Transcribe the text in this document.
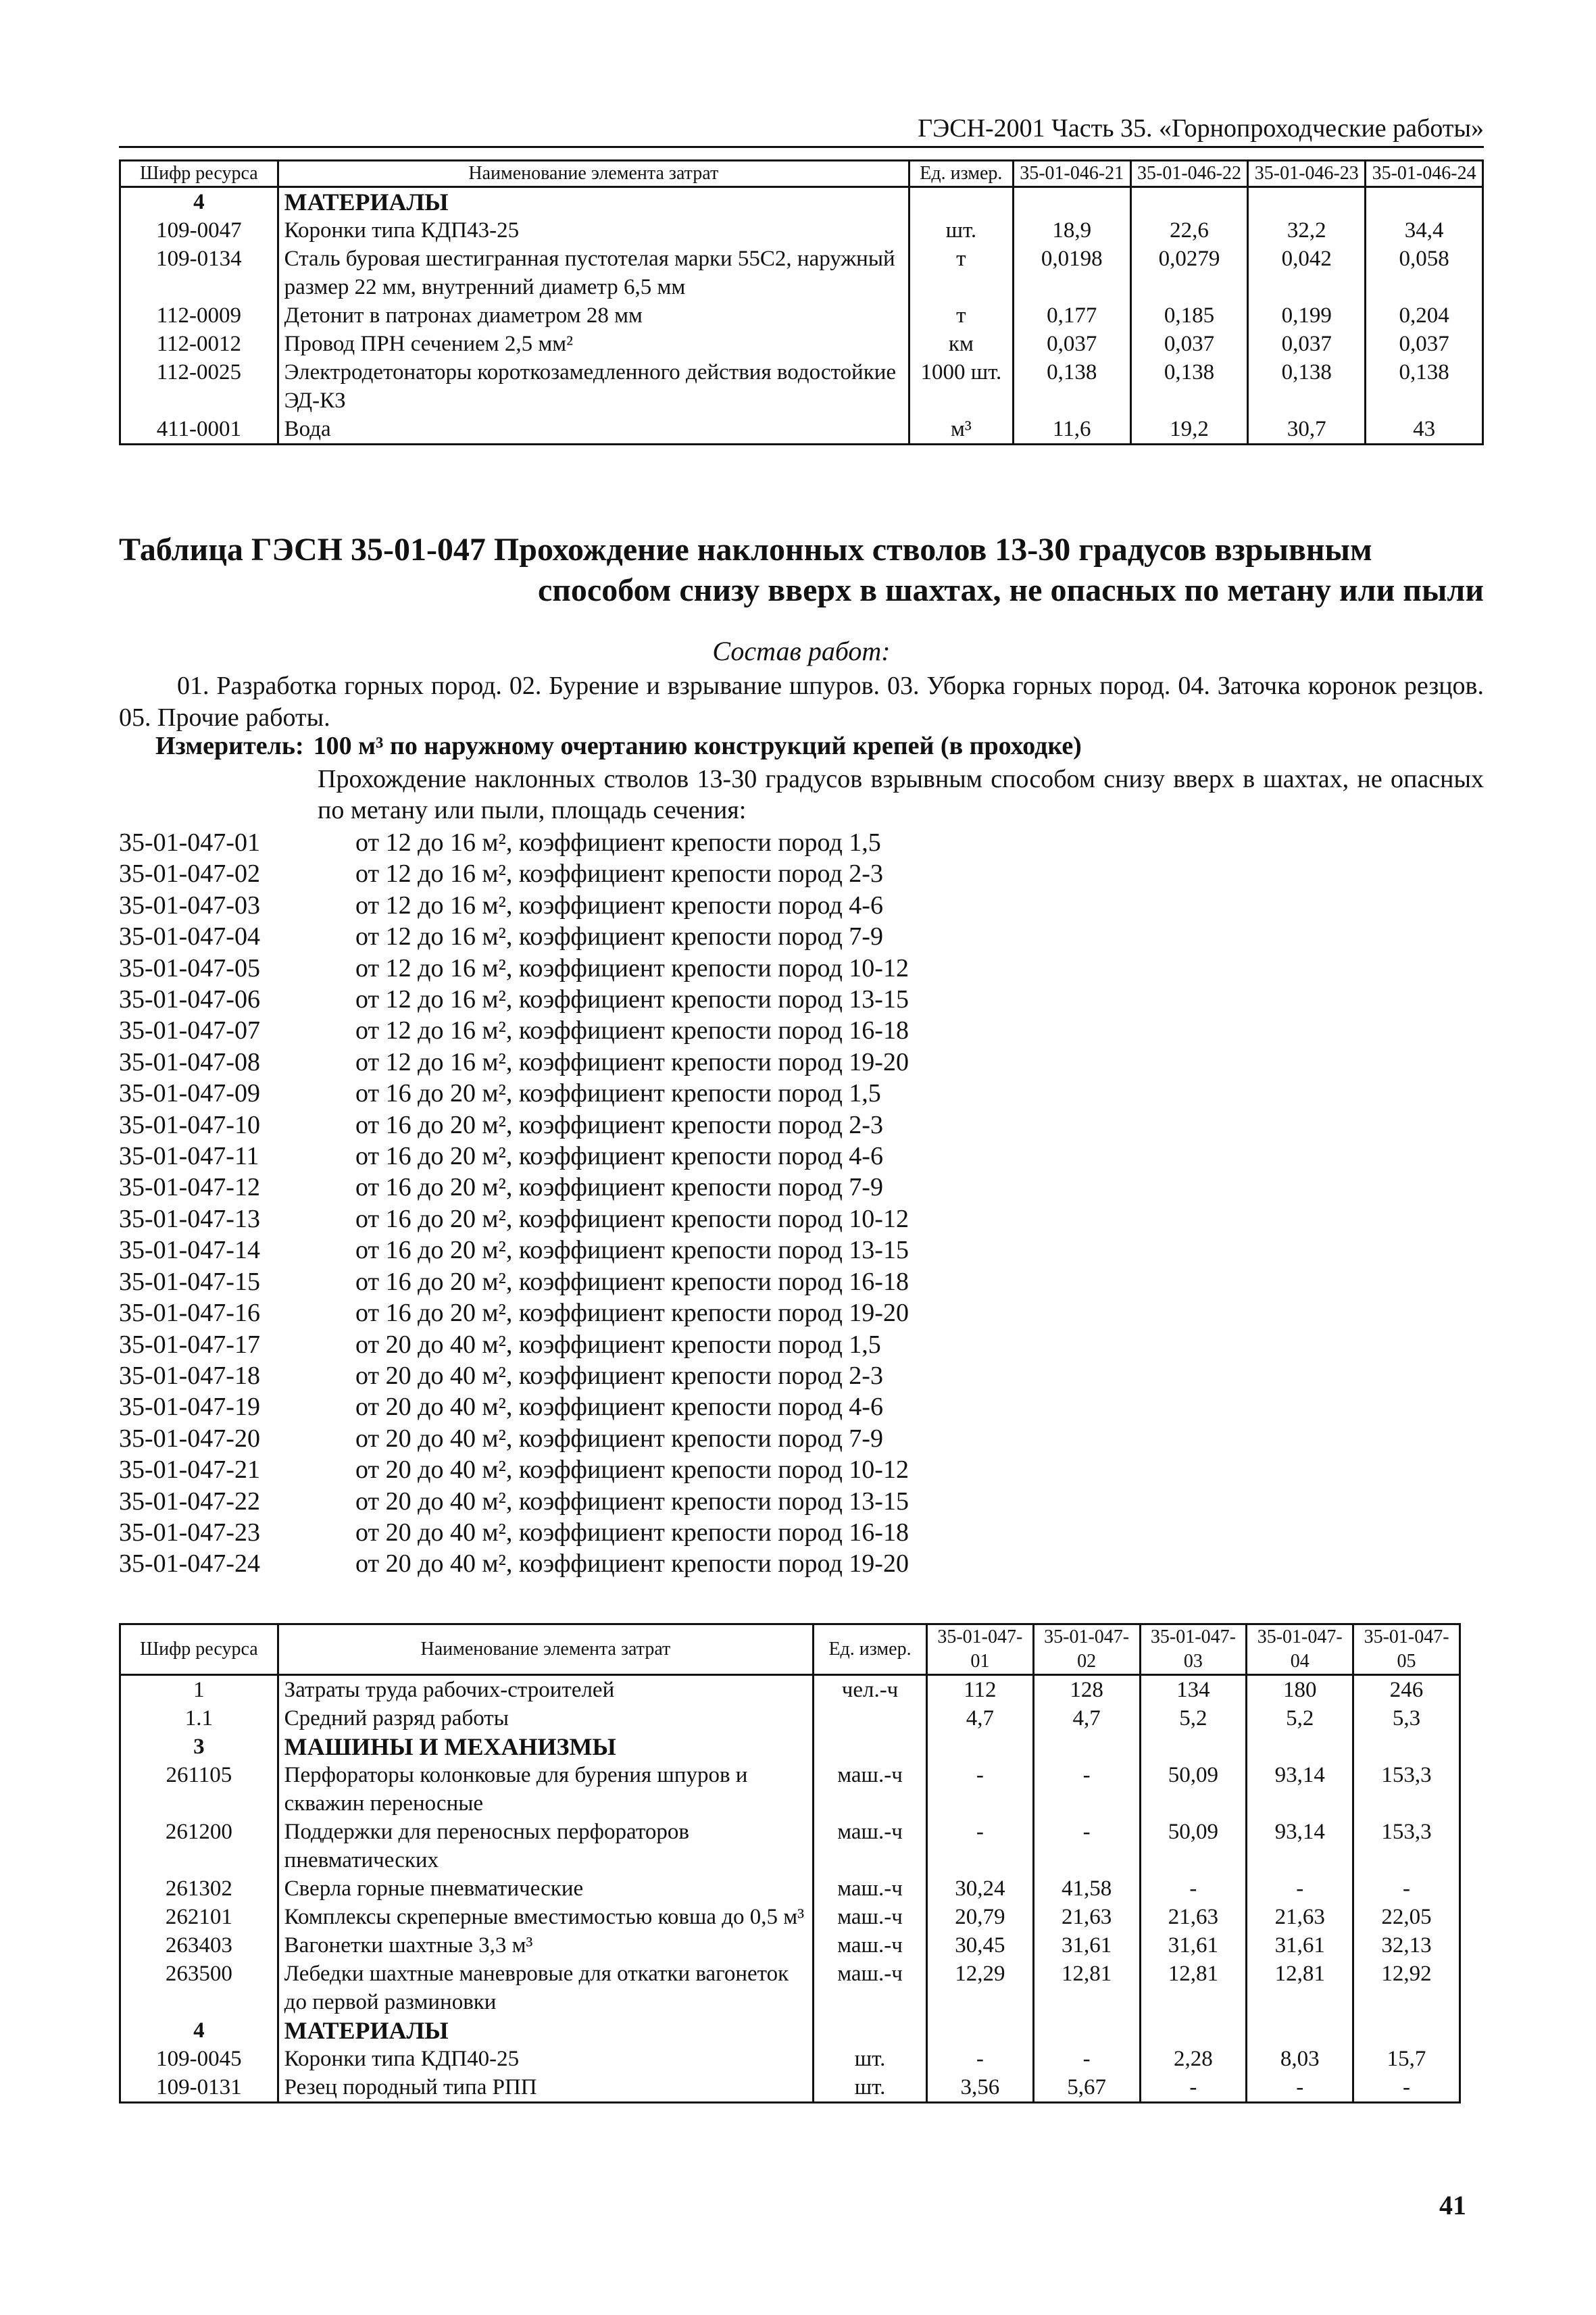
ГЭСН-2001 Часть 35. «Горнопроходческие работы»
Шифр ресурса	Наименование элемента затрат	Ед. измер.	35-01-046-21	35-01-046-22	35-01-046-23	35-01-046-24
4	МАТЕРИАЛЫ					
109-0047	Коронки типа КДП43-25	шт.	18,9	22,6	32,2	34,4
109-0134	Сталь буровая шестигранная пустотелая марки 55С2, наружный размер 22 мм, внутренний диаметр 6,5 мм	т	0,0198	0,0279	0,042	0,058
112-0009	Детонит в патронах диаметром 28 мм	т	0,177	0,185	0,199	0,204
112-0012	Провод ПРН сечением 2,5 мм²	км	0,037	0,037	0,037	0,037
112-0025	Электродетонаторы короткозамедленного действия водостойкие ЭД-КЗ	1000 шт.	0,138	0,138	0,138	0,138
411-0001	Вода	м³	11,6	19,2	30,7	43
Таблица ГЭСН 35-01-047 Прохождение наклонных стволов 13-30 градусов взрывным
способом снизу вверх в шахтах, не опасных по метану или пыли
Состав работ:
01. Разработка горных пород. 02. Бурение и взрывание шпуров. 03. Уборка горных пород. 04. Заточка коронок резцов. 05. Прочие работы.
Измеритель: 100 м³ по наружному очертанию конструкций крепей (в проходке)
Прохождение наклонных стволов 13-30 градусов взрывным способом снизу вверх в шахтах, не опасных по метану или пыли, площадь сечения:
35-01-047-01	от 12 до 16 м², коэффициент крепости пород 1,5
35-01-047-02	от 12 до 16 м², коэффициент крепости пород 2-3
35-01-047-03	от 12 до 16 м², коэффициент крепости пород 4-6
35-01-047-04	от 12 до 16 м², коэффициент крепости пород 7-9
35-01-047-05	от 12 до 16 м², коэффициент крепости пород 10-12
35-01-047-06	от 12 до 16 м², коэффициент крепости пород 13-15
35-01-047-07	от 12 до 16 м², коэффициент крепости пород 16-18
35-01-047-08	от 12 до 16 м², коэффициент крепости пород 19-20
35-01-047-09	от 16 до 20 м², коэффициент крепости пород 1,5
35-01-047-10	от 16 до 20 м², коэффициент крепости пород 2-3
35-01-047-11	от 16 до 20 м², коэффициент крепости пород 4-6
35-01-047-12	от 16 до 20 м², коэффициент крепости пород 7-9
35-01-047-13	от 16 до 20 м², коэффициент крепости пород 10-12
35-01-047-14	от 16 до 20 м², коэффициент крепости пород 13-15
35-01-047-15	от 16 до 20 м², коэффициент крепости пород 16-18
35-01-047-16	от 16 до 20 м², коэффициент крепости пород 19-20
35-01-047-17	от 20 до 40 м², коэффициент крепости пород 1,5
35-01-047-18	от 20 до 40 м², коэффициент крепости пород 2-3
35-01-047-19	от 20 до 40 м², коэффициент крепости пород 4-6
35-01-047-20	от 20 до 40 м², коэффициент крепости пород 7-9
35-01-047-21	от 20 до 40 м², коэффициент крепости пород 10-12
35-01-047-22	от 20 до 40 м², коэффициент крепости пород 13-15
35-01-047-23	от 20 до 40 м², коэффициент крепости пород 16-18
35-01-047-24	от 20 до 40 м², коэффициент крепости пород 19-20
Шифр ресурса	Наименование элемента затрат	Ед. измер.	35-01-047-01	35-01-047-02	35-01-047-03	35-01-047-04	35-01-047-05
1	Затраты труда рабочих-строителей	чел.-ч	112	128	134	180	246
1.1	Средний разряд работы		4,7	4,7	5,2	5,2	5,3
3	МАШИНЫ И МЕХАНИЗМЫ						
261105	Перфораторы колонковые для бурения шпуров и скважин переносные	маш.-ч	-	-	50,09	93,14	153,3
261200	Поддержки для переносных перфораторов пневматических	маш.-ч	-	-	50,09	93,14	153,3
261302	Сверла горные пневматические	маш.-ч	30,24	41,58	-	-	-
262101	Комплексы скреперные вместимостью ковша до 0,5 м³	маш.-ч	20,79	21,63	21,63	21,63	22,05
263403	Вагонетки шахтные 3,3 м³	маш.-ч	30,45	31,61	31,61	31,61	32,13
263500	Лебедки шахтные маневровые для откатки вагонеток до первой разминовки	маш.-ч	12,29	12,81	12,81	12,81	12,92
4	МАТЕРИАЛЫ						
109-0045	Коронки типа КДП40-25	шт.	-	-	2,28	8,03	15,7
109-0131	Резец породный типа РПП	шт.	3,56	5,67	-	-	-
41
